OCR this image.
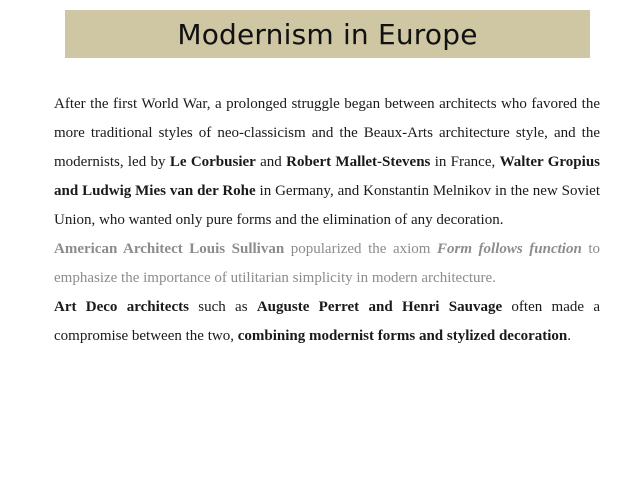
Modernism in Europe

After the first World War, a prolonged struggle began between architects who favored the more traditional styles of neo-classicism and the Beaux-Arts architecture style, and the modernists, led by Le Corbusier and Robert Mallet-Stevens in France, Walter Gropius and Ludwig Mies van der Rohe in Germany, and Konstantin Melnikov in the new Soviet Union, who wanted only pure forms and the elimination of any decoration.

American Architect Louis Sullivan popularized the axiom Form follows function to emphasize the importance of utilitarian simplicity in modern architecture.

Art Deco architects such as Auguste Perret and Henri Sauvage often made a compromise between the two, combining modernist forms and stylized decoration.
